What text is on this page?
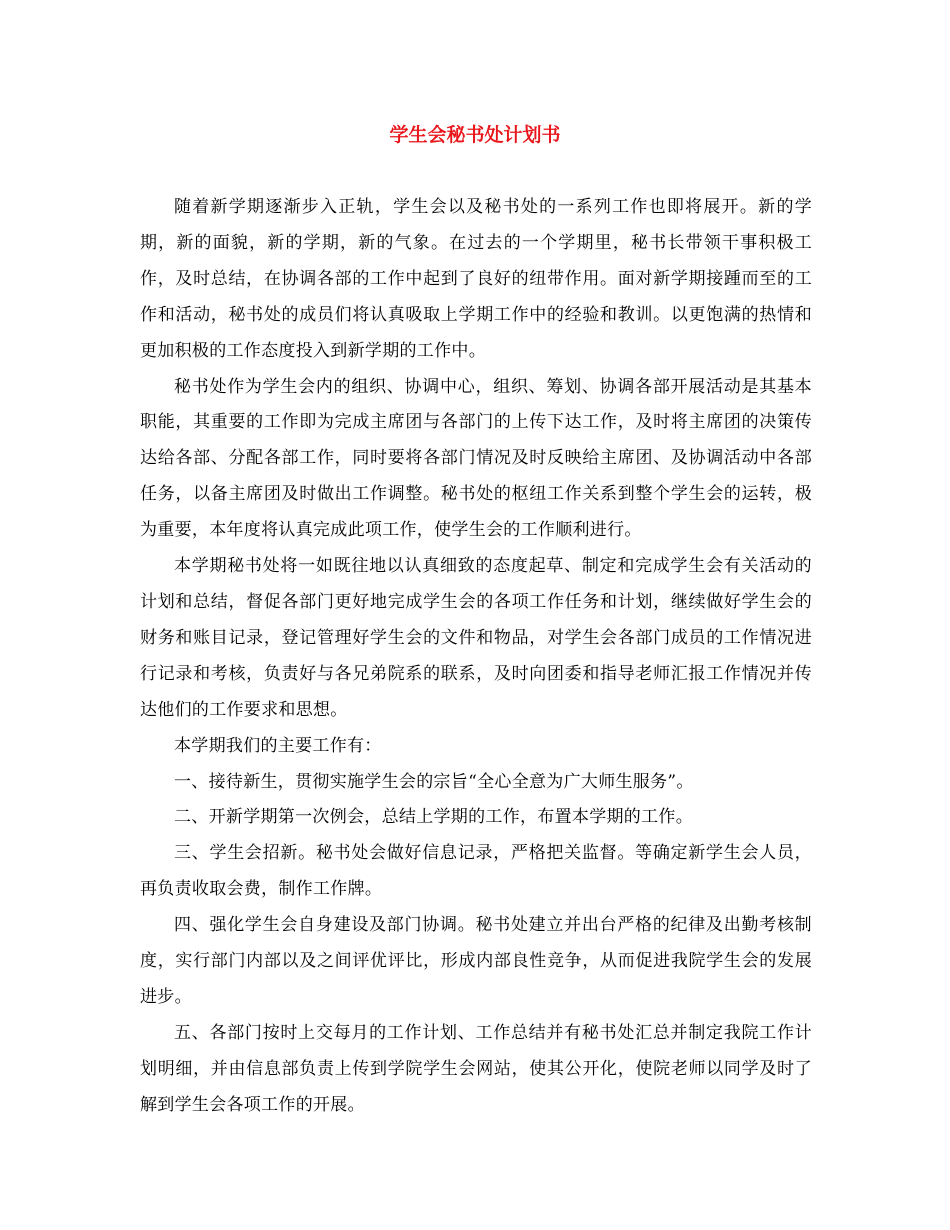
学生会秘书处计划书

随着新学期逐渐步入正轨，学生会以及秘书处的一系列工作也即将展开。新的学期，新的面貌，新的学期，新的气象。在过去的一个学期里，秘书长带领干事积极工作，及时总结，在协调各部的工作中起到了良好的纽带作用。面对新学期接踵而至的工作和活动，秘书处的成员们将认真吸取上学期工作中的经验和教训。以更饱满的热情和更加积极的工作态度投入到新学期的工作中。

秘书处作为学生会内的组织、协调中心，组织、筹划、协调各部开展活动是其基本职能，其重要的工作即为完成主席团与各部门的上传下达工作，及时将主席团的决策传达给各部、分配各部工作，同时要将各部门情况及时反映给主席团、及协调活动中各部任务，以备主席团及时做出工作调整。秘书处的枢纽工作关系到整个学生会的运转，极为重要，本年度将认真完成此项工作，使学生会的工作顺利进行。

本学期秘书处将一如既往地以认真细致的态度起草、制定和完成学生会有关活动的计划和总结，督促各部门更好地完成学生会的各项工作任务和计划，继续做好学生会的财务和账目记录，登记管理好学生会的文件和物品，对学生会各部门成员的工作情况进行记录和考核，负责好与各兄弟院系的联系，及时向团委和指导老师汇报工作情况并传达他们的工作要求和思想。

本学期我们的主要工作有：

一、接待新生，贯彻实施学生会的宗旨“全心全意为广大师生服务”。

二、开新学期第一次例会，总结上学期的工作，布置本学期的工作。

三、学生会招新。秘书处会做好信息记录，严格把关监督。等确定新学生会人员，再负责收取会费，制作工作牌。

四、强化学生会自身建设及部门协调。秘书处建立并出台严格的纪律及出勤考核制度，实行部门内部以及之间评优评比，形成内部良性竞争，从而促进我院学生会的发展进步。

五、各部门按时上交每月的工作计划、工作总结并有秘书处汇总并制定我院工作计划明细，并由信息部负责上传到学院学生会网站，使其公开化，使院老师以同学及时了解到学生会各项工作的开展。
